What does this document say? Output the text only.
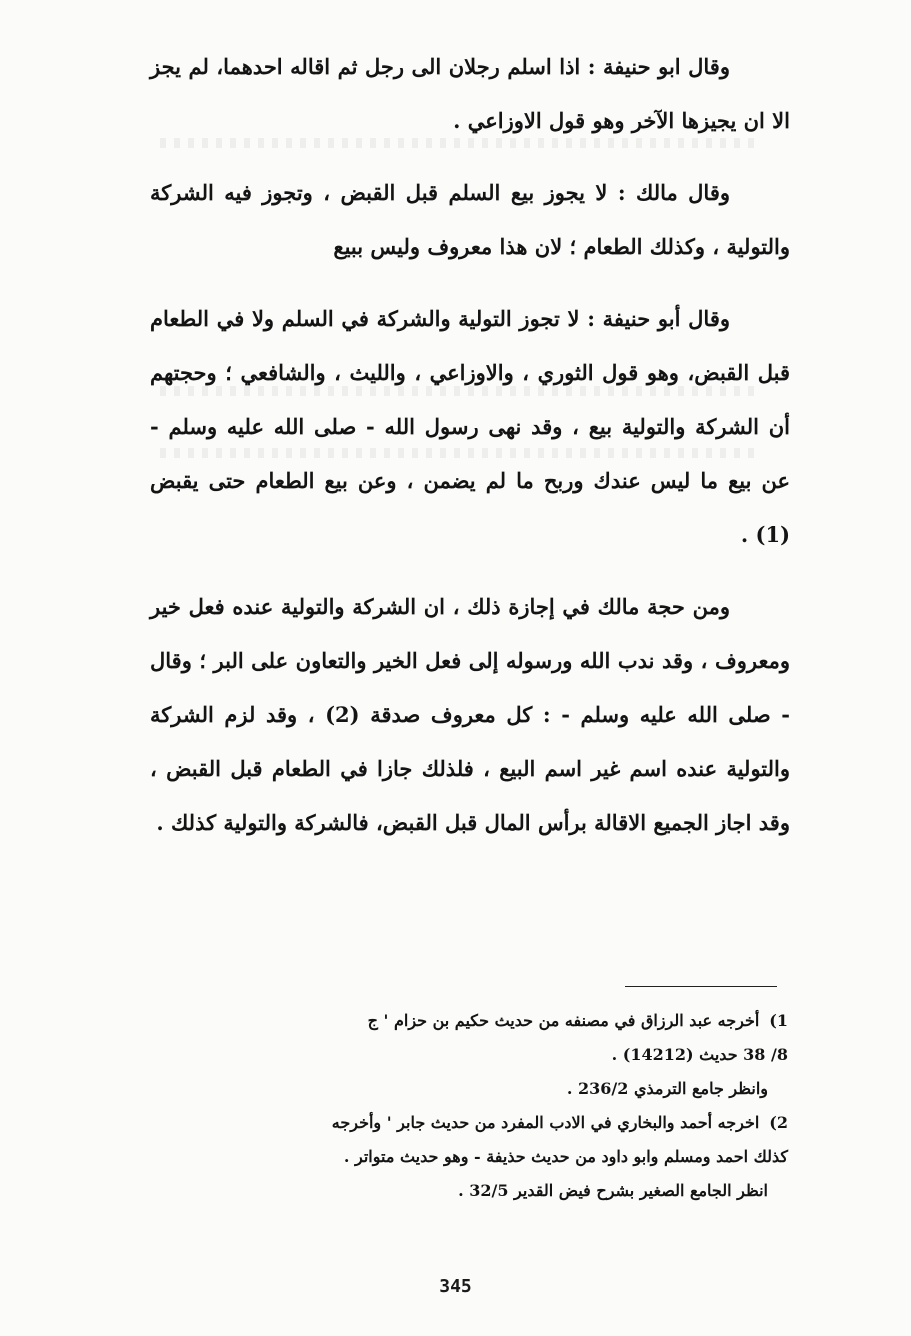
وقال ابو حنيفة : اذا اسلم رجلان الى رجل ثم اقاله احدهما، لم يجز الا ان يجيزها الآخر وهو قول الاوزاعي .

وقال مالك : لا يجوز بيع السلم قبل القبض ، وتجوز فيه الشركة والتولية ، وكذلك الطعام ؛ لان هذا معروف وليس ببيع

وقال أبو حنيفة : لا تجوز التولية والشركة في السلم ولا في الطعام قبل القبض، وهو قول الثوري ، والاوزاعي ، والليث ، والشافعي ؛ وحجتهم أن الشركة والتولية بيع ، وقد نهى رسول الله - صلى الله عليه وسلم - عن بيع ما ليس عندك وربح ما لم يضمن ، وعن بيع الطعام حتى يقبض (1) .

ومن حجة مالك في إجازة ذلك ، ان الشركة والتولية عنده فعل خير ومعروف ، وقد ندب الله ورسوله إلى فعل الخير والتعاون على البر ؛ وقال - صلى الله عليه وسلم - : كل معروف صدقة (2) ، وقد لزم الشركة والتولية عنده اسم غير اسم البيع ، فلذلك جازا في الطعام قبل القبض ، وقد اجاز الجميع الاقالة برأس المال قبل القبض، فالشركة والتولية كذلك .

1)أخرجه عبد الرزاق في مصنفه من حديث حكيم بن حزام ' ج

8/ 38 حديث (14212) .

وانظر جامع الترمذي 236/2 .

2)اخرجه أحمد والبخاري في الادب المفرد من حديث جابر ' وأخرجه

كذلك احمد ومسلم وابو داود من حديث حذيفة - وهو حديث متواتر .

انظر الجامع الصغير بشرح فيض القدير 32/5 .

345
